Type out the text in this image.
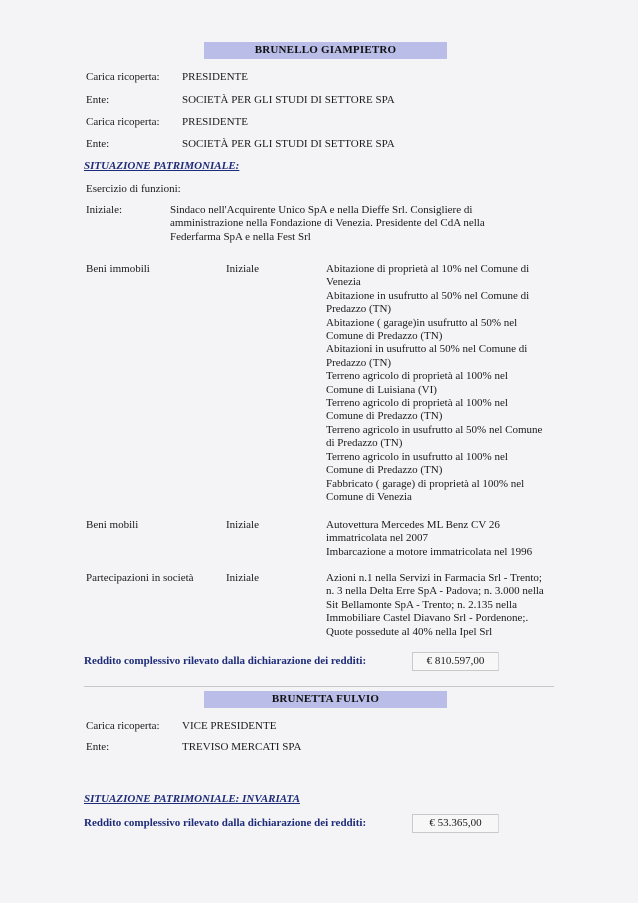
BRUNELLO GIAMPIETRO
Carica ricoperta: PRESIDENTE
Ente:	SOCIETÀ PER GLI STUDI DI SETTORE SPA
Carica ricoperta: PRESIDENTE
Ente:	SOCIETÀ PER GLI STUDI DI SETTORE SPA
SITUAZIONE PATRIMONIALE:
Esercizio di funzioni:
Iniziale:	Sindaco nell'Acquirente Unico SpA e nella Dieffe Srl. Consigliere di
amministrazione nella Fondazione di Venezia. Presidente del CdA nella
Federfarma SpA e nella Fest Srl
Beni immobili	Iniziale	Abitazione di proprietà al 10% nel Comune di
Venezia
Abitazione in usufrutto al 50% nel Comune di
Predazzo (TN)
Abitazione ( garage)in usufrutto al 50% nel
Comune di Predazzo (TN)
Abitazioni in usufrutto al 50% nel Comune di
Predazzo (TN)
Terreno agricolo di proprietà al 100% nel
Comune di Luisiana (VI)
Terreno agricolo di proprietà al 100% nel
Comune di Predazzo (TN)
Terreno agricolo in usufrutto al 50% nel Comune
di Predazzo (TN)
Terreno agricolo in usufrutto al 100% nel
Comune di Predazzo (TN)
Fabbricato ( garage) di proprietà al 100% nel
Comune di Venezia
Beni mobili	Iniziale	Autovettura Mercedes ML Benz CV 26
immatricolata nel 2007
Imbarcazione a motore immatricolata nel 1996
Partecipazioni in società	Iniziale	Azioni n.1 nella Servizi in Farmacia Srl - Trento;
n. 3 nella Delta Erre SpA - Padova; n. 3.000 nella
Sit Bellamonte SpA - Trento; n. 2.135 nella
Immobiliare Castel Diavano Srl - Pordenone;.
Quote possedute al 40% nella Ipel Srl
Reddito complessivo rilevato dalla dichiarazione dei redditi:	€ 810.597,00
BRUNETTA FULVIO
Carica ricoperta: VICE PRESIDENTE
Ente:	TREVISO MERCATI SPA
SITUAZIONE PATRIMONIALE: INVARIATA
Reddito complessivo rilevato dalla dichiarazione dei redditi:	€ 53.365,00
